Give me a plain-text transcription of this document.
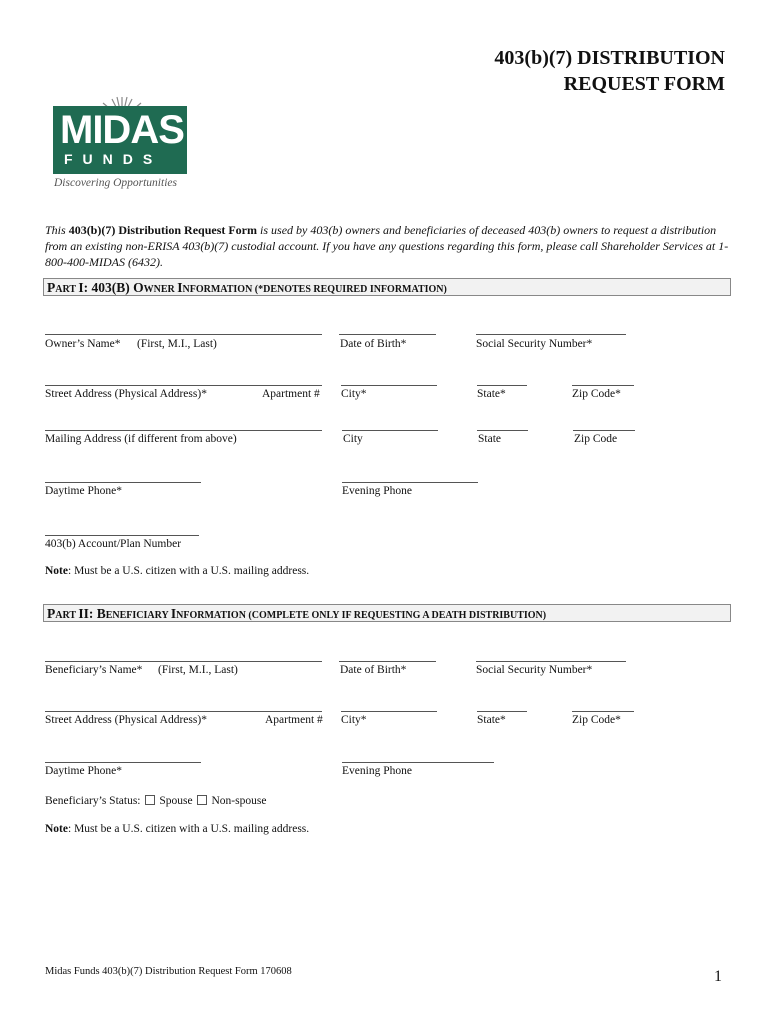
403(b)(7) DISTRIBUTION
REQUEST FORM
MIDAS
FUNDS
Discovering Opportunities
This 403(b)(7) Distribution Request Form is used by 403(b) owners and beneficiaries of deceased 403(b) owners to request a distribution from an existing non-ERISA 403(b)(7) custodial account. If you have any questions regarding this form, please call Shareholder Services at 1-800-400-MIDAS (6432).
PART I: 403(B) OWNER INFORMATION (*DENOTES REQUIRED INFORMATION)
Owner’s Name* (First, M.I., Last)	Date of Birth*	Social Security Number*
Street Address (Physical Address)*	Apartment # City*	State*	Zip Code*
Mailing Address (if different from above)	City	State	Zip Code
Daytime Phone*	Evening Phone
403(b) Account/Plan Number
Note: Must be a U.S. citizen with a U.S. mailing address.
PART II: BENEFICIARY INFORMATION (COMPLETE ONLY IF REQUESTING A DEATH DISTRIBUTION)
Beneficiary’s Name* (First, M.I., Last)	Date of Birth*	Social Security Number*
Street Address (Physical Address)*	Apartment # City*	State*	Zip Code*
Daytime Phone*	Evening Phone
Beneficiary’s Status: Spouse Non-spouse
Note: Must be a U.S. citizen with a U.S. mailing address.
Midas Funds 403(b)(7) Distribution Request Form 170608	1
